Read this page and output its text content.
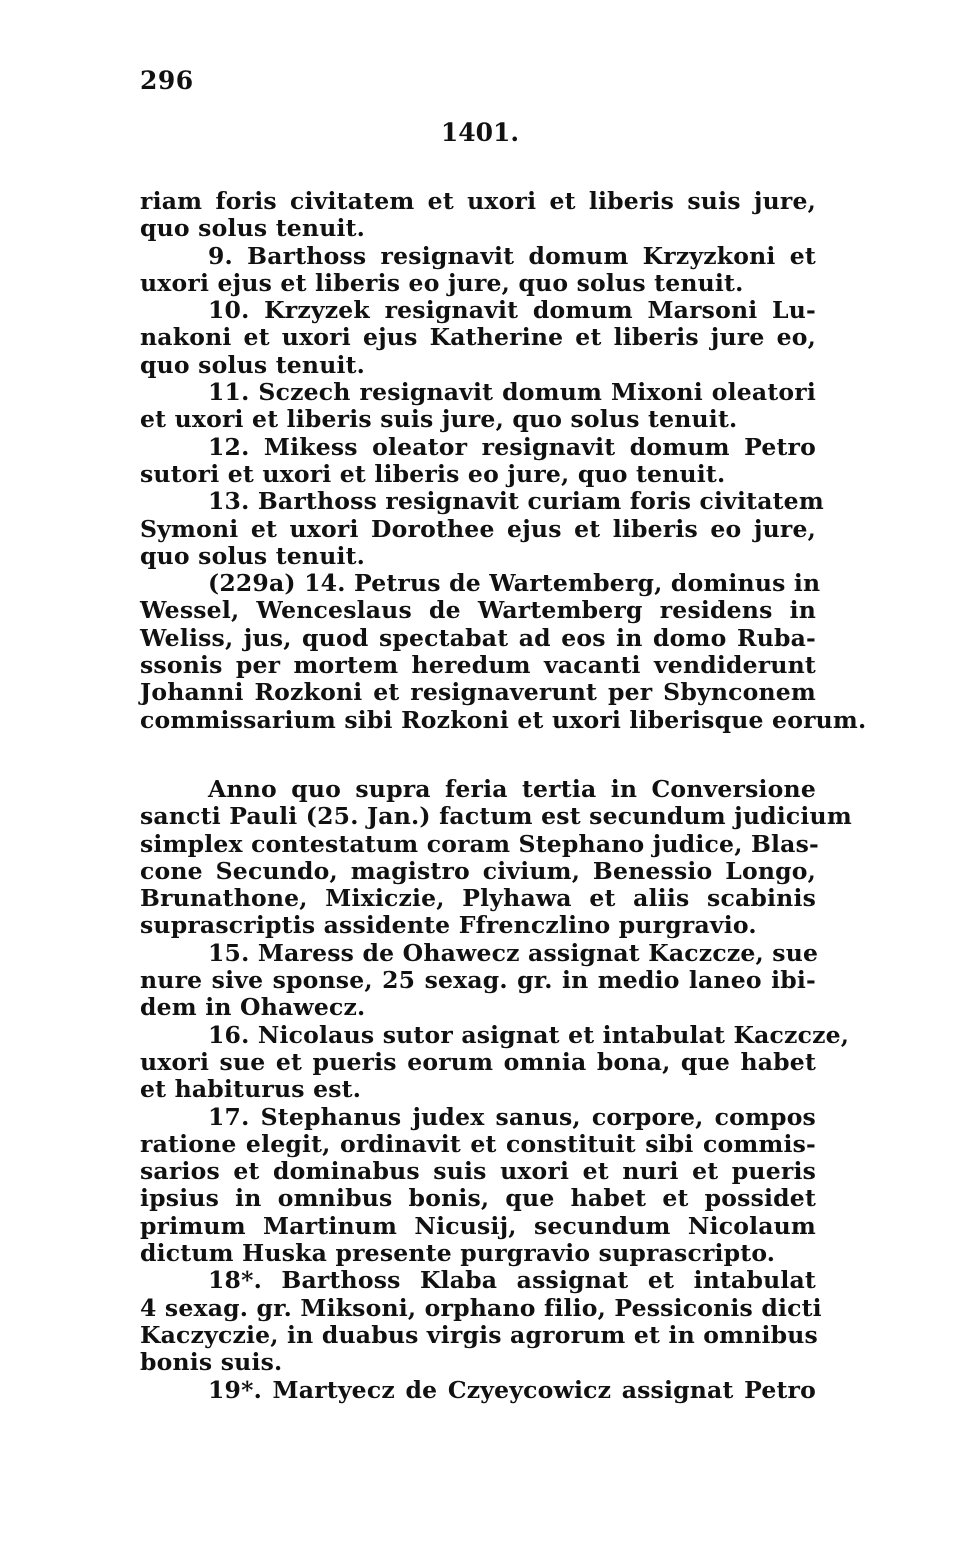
296
1401.
riam foris civitatem et uxori et liberis suis jure,
quo solus tenuit.
9. Barthoss resignavit domum Krzyzkoni et
uxori ejus et liberis eo jure, quo solus tenuit.
10. Krzyzek resignavit domum Marsoni Lu-
nakoni et uxori ejus Katherine et liberis jure eo,
quo solus tenuit.
11. Sczech resignavit domum Mixoni oleatori
et uxori et liberis suis jure, quo solus tenuit.
12. Mikess oleator resignavit domum Petro
sutori et uxori et liberis eo jure, quo tenuit.
13. Barthoss resignavit curiam foris civitatem
Symoni et uxori Dorothee ejus et liberis eo jure,
quo solus tenuit.
(229a) 14. Petrus de Wartemberg, dominus in
Wessel, Wenceslaus de Wartemberg residens in
Weliss, jus, quod spectabat ad eos in domo Ruba-
ssonis per mortem heredum vacanti vendiderunt
Johanni Rozkoni et resignaverunt per Sbynconem
commissarium sibi Rozkoni et uxori liberisque eorum.
Anno quo supra feria tertia in Conversione
sancti Pauli (25. Jan.) factum est secundum judicium
simplex contestatum coram Stephano judice, Blas-
cone Secundo, magistro civium, Benessio Longo,
Brunathone, Mixiczie, Plyhawa et aliis scabinis
suprascriptis assidente Ffrenczlino purgravio.
15. Maress de Ohawecz assignat Kaczcze, sue
nure sive sponse, 25 sexag. gr. in medio laneo ibi-
dem in Ohawecz.
16. Nicolaus sutor asignat et intabulat Kaczcze,
uxori sue et pueris eorum omnia bona, que habet
et habiturus est.
17. Stephanus judex sanus, corpore, compos
ratione elegit, ordinavit et constituit sibi commis-
sarios et dominabus suis uxori et nuri et pueris
ipsius in omnibus bonis, que habet et possidet
primum Martinum Nicusij, secundum Nicolaum
dictum Huska presente purgravio suprascripto.
18*. Barthoss Klaba assignat et intabulat
4 sexag. gr. Miksoni, orphano filio, Pessiconis dicti
Kaczyczie, in duabus virgis agrorum et in omnibus
bonis suis.
19*. Martyecz de Czyeycowicz assignat Petro
